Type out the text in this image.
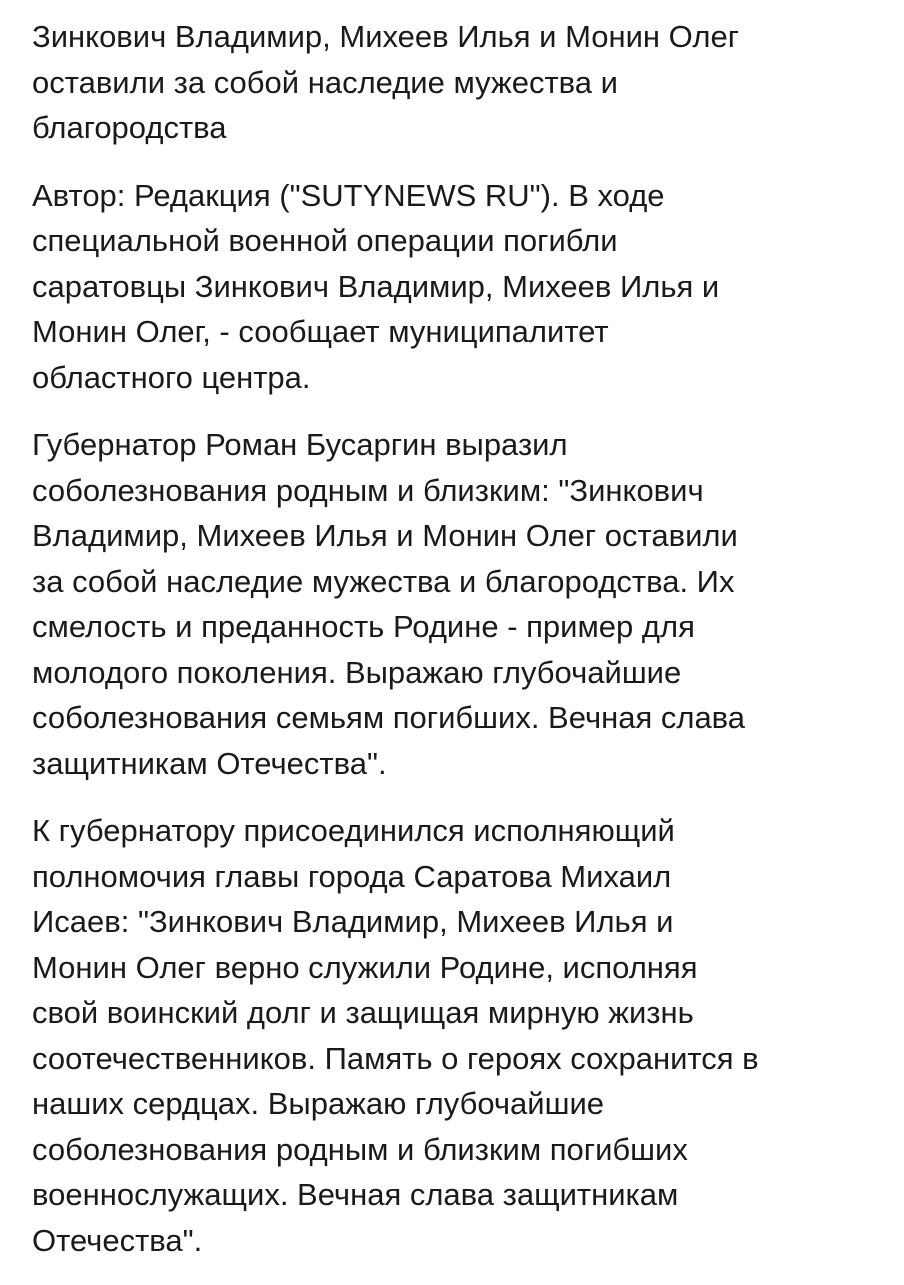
Зинкович Владимир, Михеев Илья и Монин Олег
оставили за собой наследие мужества и
благородства

Автор: Редакция ("SUTYNEWS RU"). В ходе
специальной военной операции погибли
саратовцы Зинкович Владимир, Михеев Илья и
Монин Олег, - сообщает муниципалитет
областного центра.

Губернатор Роман Бусаргин выразил
соболезнования родным и близким: "Зинкович
Владимир, Михеев Илья и Монин Олег оставили
за собой наследие мужества и благородства. Их
смелость и преданность Родине - пример для
молодого поколения. Выражаю глубочайшие
соболезнования семьям погибших. Вечная слава
защитникам Отечества".

К губернатору присоединился исполняющий
полномочия главы города Саратова Михаил
Исаев: "Зинкович Владимир, Михеев Илья и
Монин Олег верно служили Родине, исполняя
свой воинский долг и защищая мирную жизнь
соотечественников. Память о героях сохранится в
наших сердцах. Выражаю глубочайшие
соболезнования родным и близким погибших
военнослужащих. Вечная слава защитникам
Отечества".
